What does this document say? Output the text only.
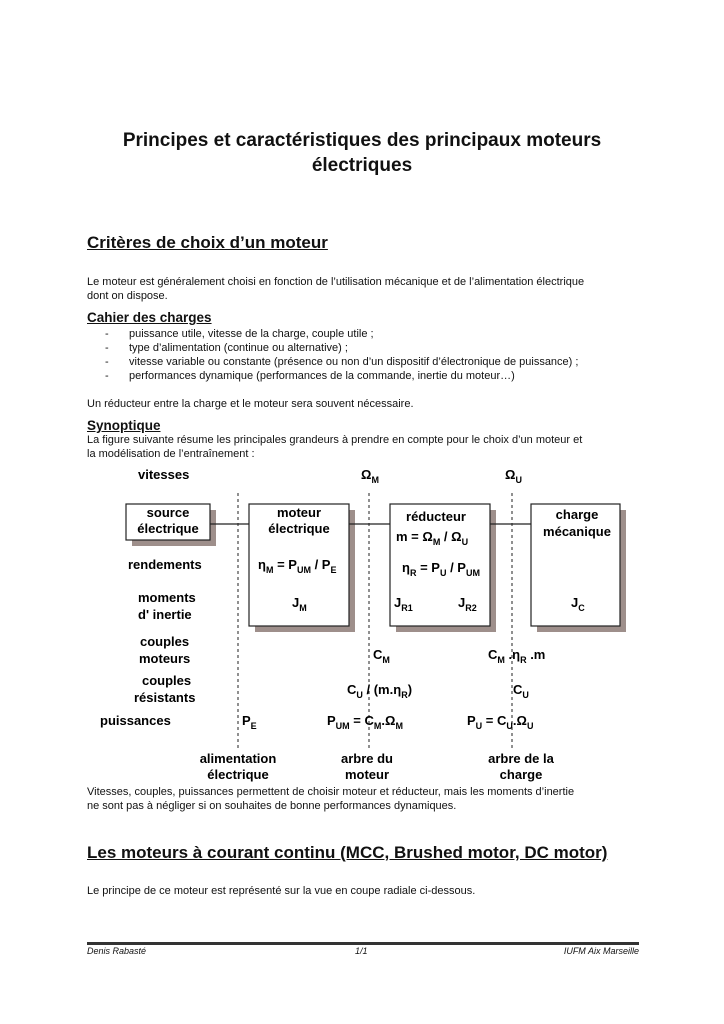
Principes et caractéristiques des principaux moteurs
électriques
Critères de choix d’un moteur
Le moteur est généralement choisi en fonction de l’utilisation mécanique et de l’alimentation électrique
dont on dispose.
Cahier des charges
- puissance utile, vitesse de la charge, couple utile ;
- type d’alimentation (continue ou alternative) ;
- vitesse variable ou constante (présence ou non d’un dispositif d’électronique de puissance) ;
- performances dynamique (performances de la commande, inertie du moteur…)
Un réducteur entre la charge et le moteur sera souvent nécessaire.
Synoptique
La figure suivante résume les principales grandeurs à prendre en compte pour le choix d’un moteur et
la modélisation de l’entraînement :
vitesses
rendements
moments
d' inertie
couples
moteurs
couples
résistants
puissances
source
électrique
moteur
électrique
réducteur	charge
mécanique
$\Omega_M$	$\Omega_U$
$m = \Omega_M / \Omega_U$
$\eta_M = P_{UM} / P_E$	$\eta_R = P_U / P_{UM}$
$J_M$	$J_{R1}$	$J_{R2}$	$J_C$
$C_M$	$C_M$ $.\eta_R$ .m
$C_U / (m.\eta_R)$	$C_U$
$P_E$	$P_{UM} = C_M.\Omega_M$	$P_U = C_U.\Omega_U$
alimentation
électrique
arbre du
moteur
arbre de la
charge
Vitesses, couples, puissances permettent de choisir moteur et réducteur, mais les moments d’inertie
ne sont pas à négliger si on souhaites de bonne performances dynamiques.
Les moteurs à courant continu (MCC, Brushed motor, DC motor)
Le principe de ce moteur est représenté sur la vue en coupe radiale ci-dessous.
Denis Rabasté	1/1	IUFM Aix Marseille
